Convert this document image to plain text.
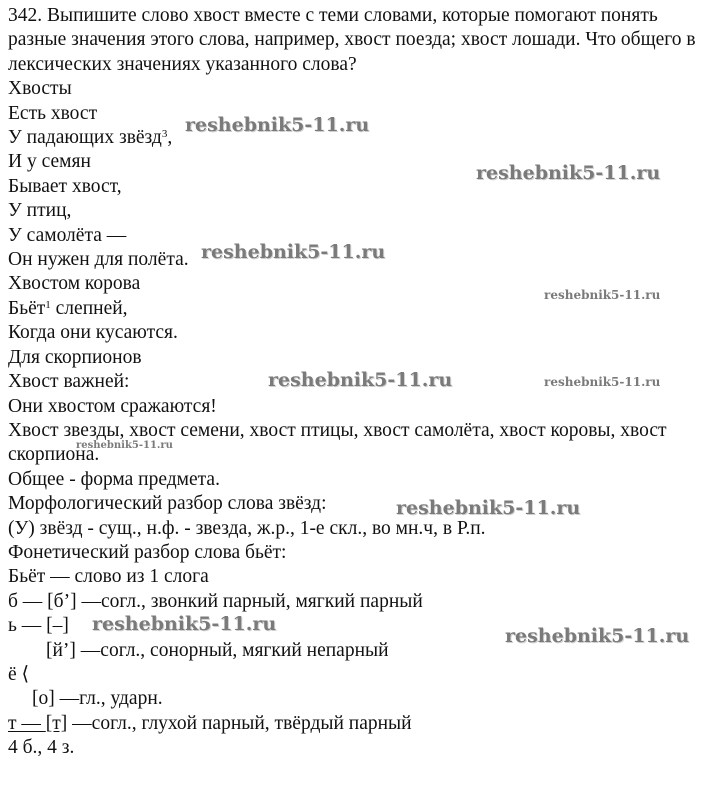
342. Выпишите слово хвост вместе с теми словами, которые помогают понять разные значения этого слова, например, хвост поезда; хвост лошади. Что общего в лексических значениях указанного слова?
Хвосты
Есть хвост
У падающих звёзд$^3$,
И у семян
Бывает хвост,
У птиц,
У самолёта —
Он нужен для полёта.
Хвостом корова
Бьёт$^1$ слепней,
Когда они кусаются.
Для скорпионов
Хвост важней:
Они хвостом сражаются!
Хвост звезды, хвост семени, хвост птицы, хвост самолёта, хвост коровы, хвост скорпиона.
Общее - форма предмета.
Морфологический разбор слова звёзд:
(У) звёзд - сущ., н.ф. - звезда, ж.р., 1-е скл., во мн.ч, в Р.п.
Фонетический разбор слова бьёт:
Бьёт — слово из 1 слога
б — [б’] —согл., звонкий парный, мягкий парный
ь — [–]
[й’] —согл., сонорный, мягкий непарный
ё ⟨
[о] —гл., ударн.
т — [т] —согл., глухой парный, твёрдый парный
4 б., 4 з.
reshebnik5-11.ru
reshebnik5-11.ru
reshebnik5-11.ru
reshebnik5-11.ru
reshebnik5-11.ru	reshebnik5-11.ru
reshebnik5-11.ru
reshebnik5-11.ru
reshebnik5-11.ru
reshebnik5-11.ru
